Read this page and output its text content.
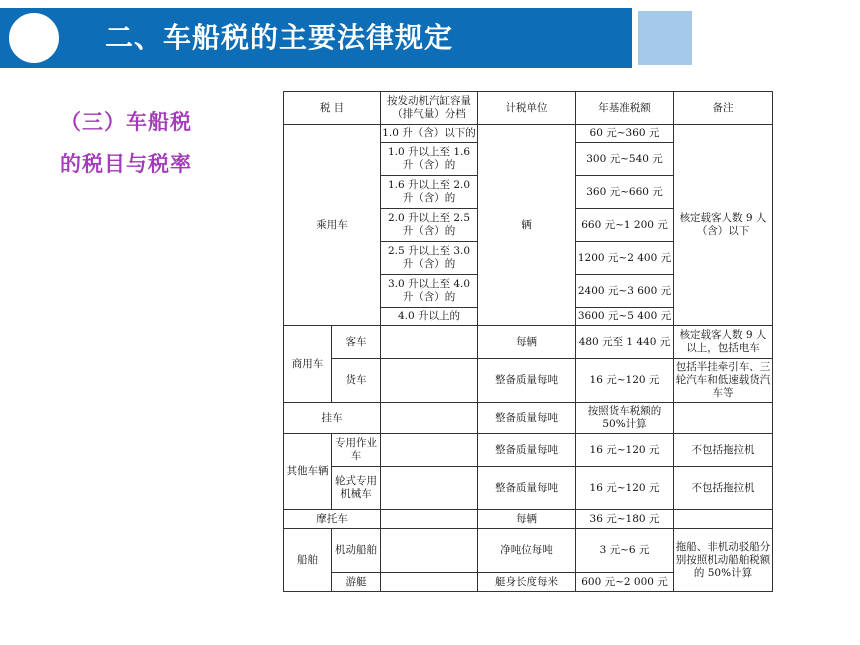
二、车船税的主要法律规定
（三）车船税
的税目与税率
税 目		按发动机汽缸容量（排气量）分档	计税单位	年基准税额	备注
乘用车		1.0 升（含）以下的	辆	60 元~360 元	核定载客人数 9 人（含）以下
		1.0 升以上至 1.6 升（含）的		300 元~540 元	
		1.6 升以上至 2.0 升（含）的		360 元~660 元	
		2.0 升以上至 2.5 升（含）的		660 元~1 200 元	
		2.5 升以上至 3.0 升（含）的		1200 元~2 400 元	
		3.0 升以上至 4.0 升（含）的		2400 元~3 600 元	
		4.0 升以上的		3600 元~5 400 元	
商用车	客车		每辆	480 元至 1 440 元	核定载客人数 9 人以上，包括电车
	货车		整备质量每吨	16 元~120 元	包括半挂牵引车、三轮汽车和低速载货汽车等
挂车			整备质量每吨	按照货车税额的 50%计算	
其他车辆	专用作业车		整备质量每吨	16 元~120 元	不包括拖拉机
	轮式专用机械车		整备质量每吨	16 元~120 元	不包括拖拉机
摩托车			每辆	36 元~180 元	
船舶	机动船舶		净吨位每吨	3 元~6 元	拖船、非机动驳船分别按照机动船舶税额的 50%计算
	游艇		艇身长度每米	600 元~2 000 元	
